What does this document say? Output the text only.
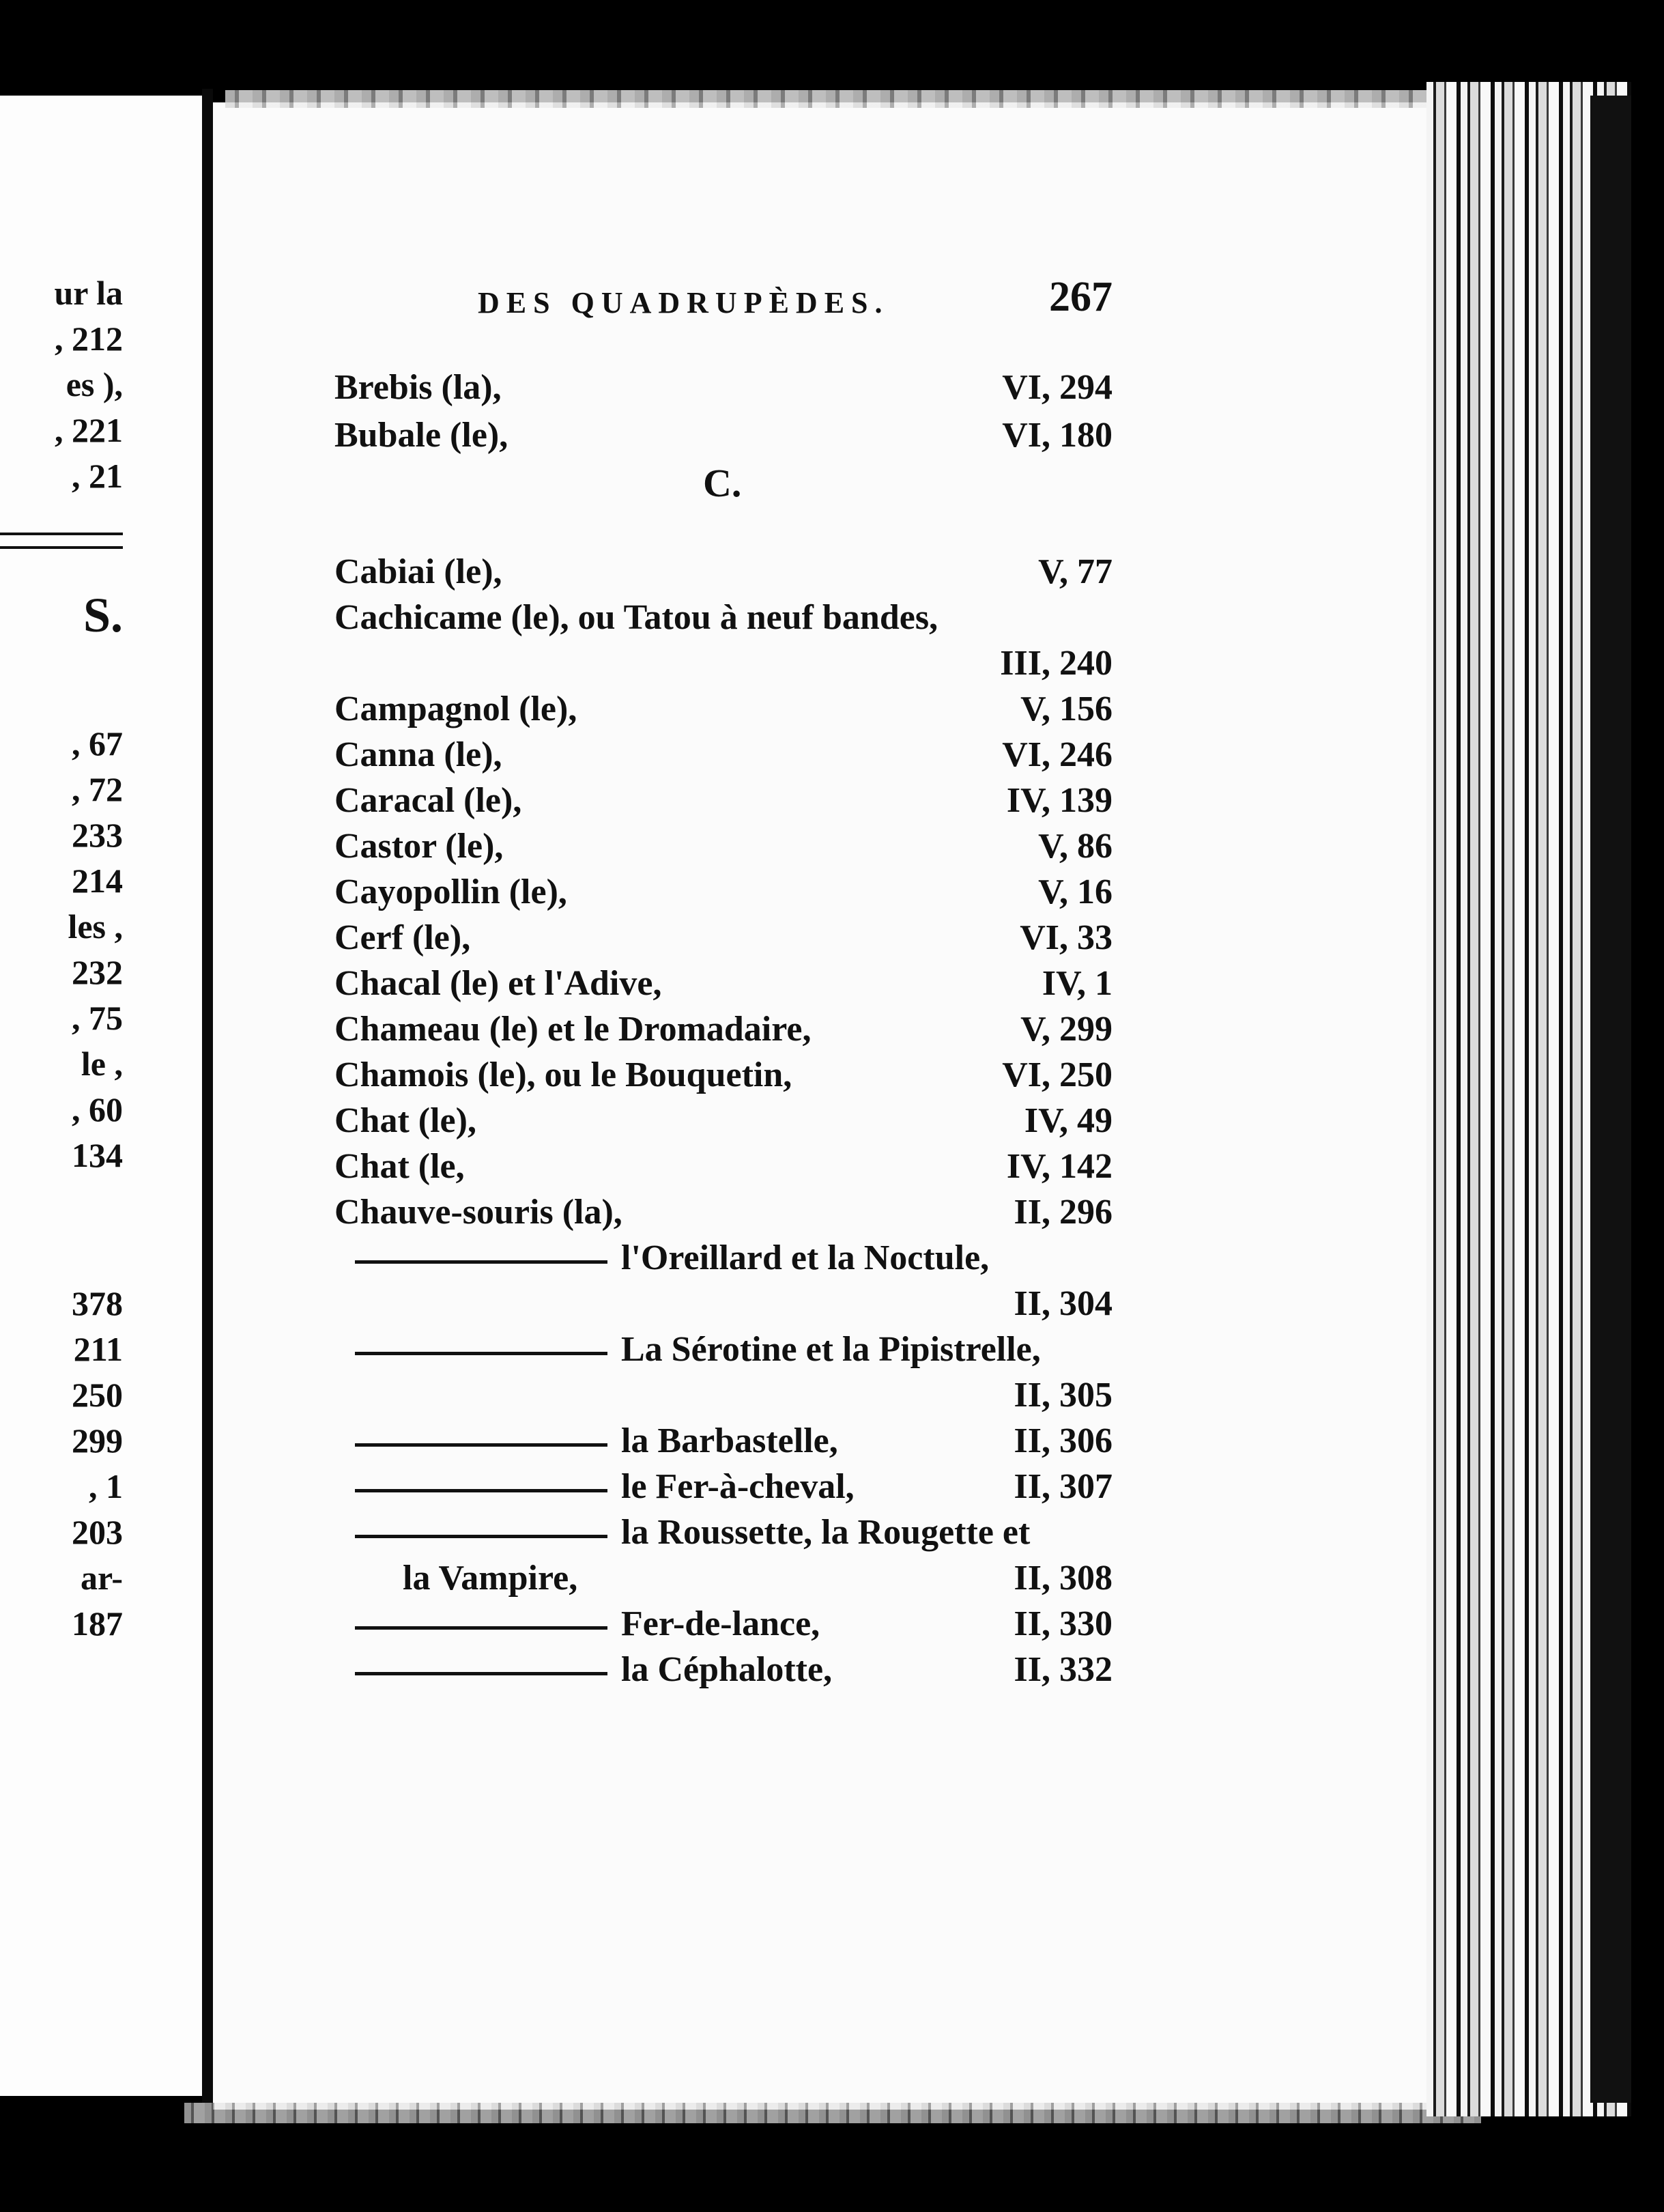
ur la
, 212
es ),
, 221
, 21
S.
, 67
, 72
233
214
les ,
232
, 75
le ,
, 60
134
378
211
250
299
, 1
203
ar-
187
DES QUADRUPÈDES.	267
Brebis (la),	VI, 294
Bubale (le),	VI, 180
C.
Cabiai (le),	V, 77
Cachicame (le), ou Tatou à neuf bandes,
III, 240
Campagnol (le),	V, 156
Canna (le),	VI, 246
Caracal (le),	IV, 139
Castor (le),	V, 86
Cayopollin (le),	V, 16
Cerf (le),	VI, 33
Chacal (le) et l'Adive,	IV, 1
Chameau (le) et le Dromadaire,	V, 299
Chamois (le), ou le Bouquetin,	VI, 250
Chat (le),	IV, 49
Chat (le,	IV, 142
Chauve-souris (la),	II, 296
l'Oreillard et la Noctule,
II, 304
La Sérotine et la Pipistrelle,
II, 305
la Barbastelle,	II, 306
le Fer-à-cheval,	II, 307
la Roussette, la Rougette et
la Vampire,	II, 308
Fer-de-lance,	II, 330
la Céphalotte,	II, 332
